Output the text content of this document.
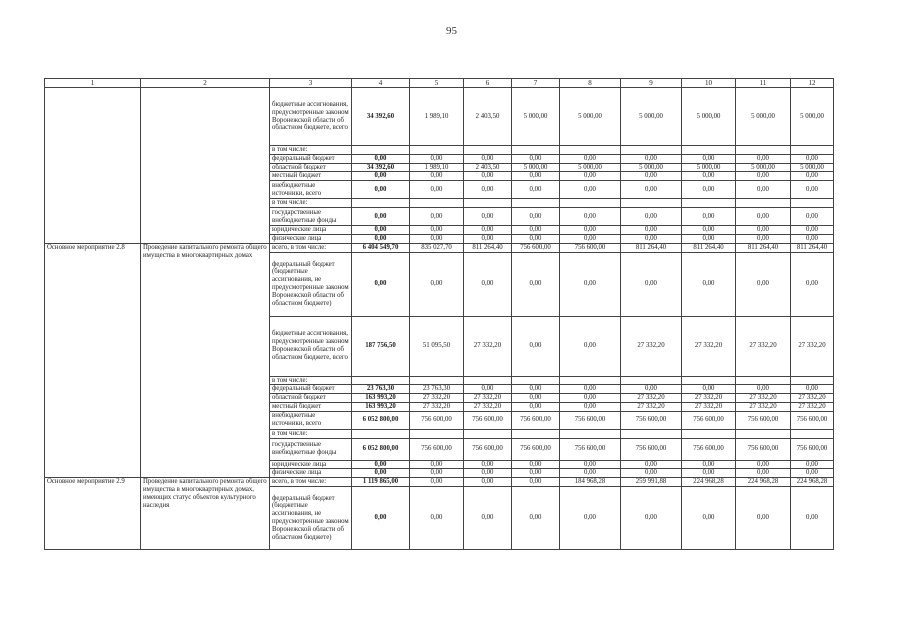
95
1	2	3	4	5	6	7	8	9	10	11	12
		бюджетные ассигнования, предусмотренные законом Воронежской области об областном бюджете, всего	34 392,60	1 989,10	2 403,50	5 000,00	5 000,00	5 000,00	5 000,00	5 000,00	5 000,00
		в том числе:									
		федеральный бюджет	0,00	0,00	0,00	0,00	0,00	0,00	0,00	0,00	0,00
		областной бюджет	34 392,60	1 989,10	2 403,50	5 000,00	5 000,00	5 000,00	5 000,00	5 000,00	5 000,00
		местный бюджет	0,00	0,00	0,00	0,00	0,00	0,00	0,00	0,00	0,00
		внебюджетные источники, всего	0,00	0,00	0,00	0,00	0,00	0,00	0,00	0,00	0,00
		в том числе:									
		государственные внебюджетные фонды	0,00	0,00	0,00	0,00	0,00	0,00	0,00	0,00	0,00
		юридические лица	0,00	0,00	0,00	0,00	0,00	0,00	0,00	0,00	0,00
		физические лица	0,00	0,00	0,00	0,00	0,00	0,00	0,00	0,00	0,00
Основное мероприятие 2.8	Проведение капитального ремонта общего имущества в многоквартирных домах	всего, в том числе:	6 404 549,70	835 027,70	811 264,40	756 600,00	756 600,00	811 264,40	811 264,40	811 264,40	811 264,40
		федеральный бюджет (бюджетные ассигнования, не предусмотренные законом Воронежской области об областном бюджете)	0,00	0,00	0,00	0,00	0,00	0,00	0,00	0,00	0,00
		бюджетные ассигнования, предусмотренные законом Воронежской области об областном бюджете, всего	187 756,50	51 095,50	27 332,20	0,00	0,00	27 332,20	27 332,20	27 332,20	27 332,20
		в том числе:									
		федеральный бюджет	23 763,30	23 763,30	0,00	0,00	0,00	0,00	0,00	0,00	0,00
		областной бюджет	163 993,20	27 332,20	27 332,20	0,00	0,00	27 332,20	27 332,20	27 332,20	27 332,20
		местный бюджет	163 993,20	27 332,20	27 332,20	0,00	0,00	27 332,20	27 332,20	27 332,20	27 332,20
		внебюджетные источники, всего	6 052 800,00	756 600,00	756 600,00	756 600,00	756 600,00	756 600,00	756 600,00	756 600,00	756 600,00
		в том числе:									
		государственные внебюджетные фонды	6 052 800,00	756 600,00	756 600,00	756 600,00	756 600,00	756 600,00	756 600,00	756 600,00	756 600,00
		юридические лица	0,00	0,00	0,00	0,00	0,00	0,00	0,00	0,00	0,00
		физические лица	0,00	0,00	0,00	0,00	0,00	0,00	0,00	0,00	0,00
Основное мероприятие 2.9	Проведение капитального ремонта общего имущества в многоквартирных домах, имеющих статус объектов культурного наследия	всего, в том числе:	1 119 865,00	0,00	0,00	0,00	184 968,28	259 991,88	224 968,28	224 968,28	224 968,28
		федеральный бюджет (бюджетные ассигнования, не предусмотренные законом Воронежской области об областном бюджете)	0,00	0,00	0,00	0,00	0,00	0,00	0,00	0,00	0,00
